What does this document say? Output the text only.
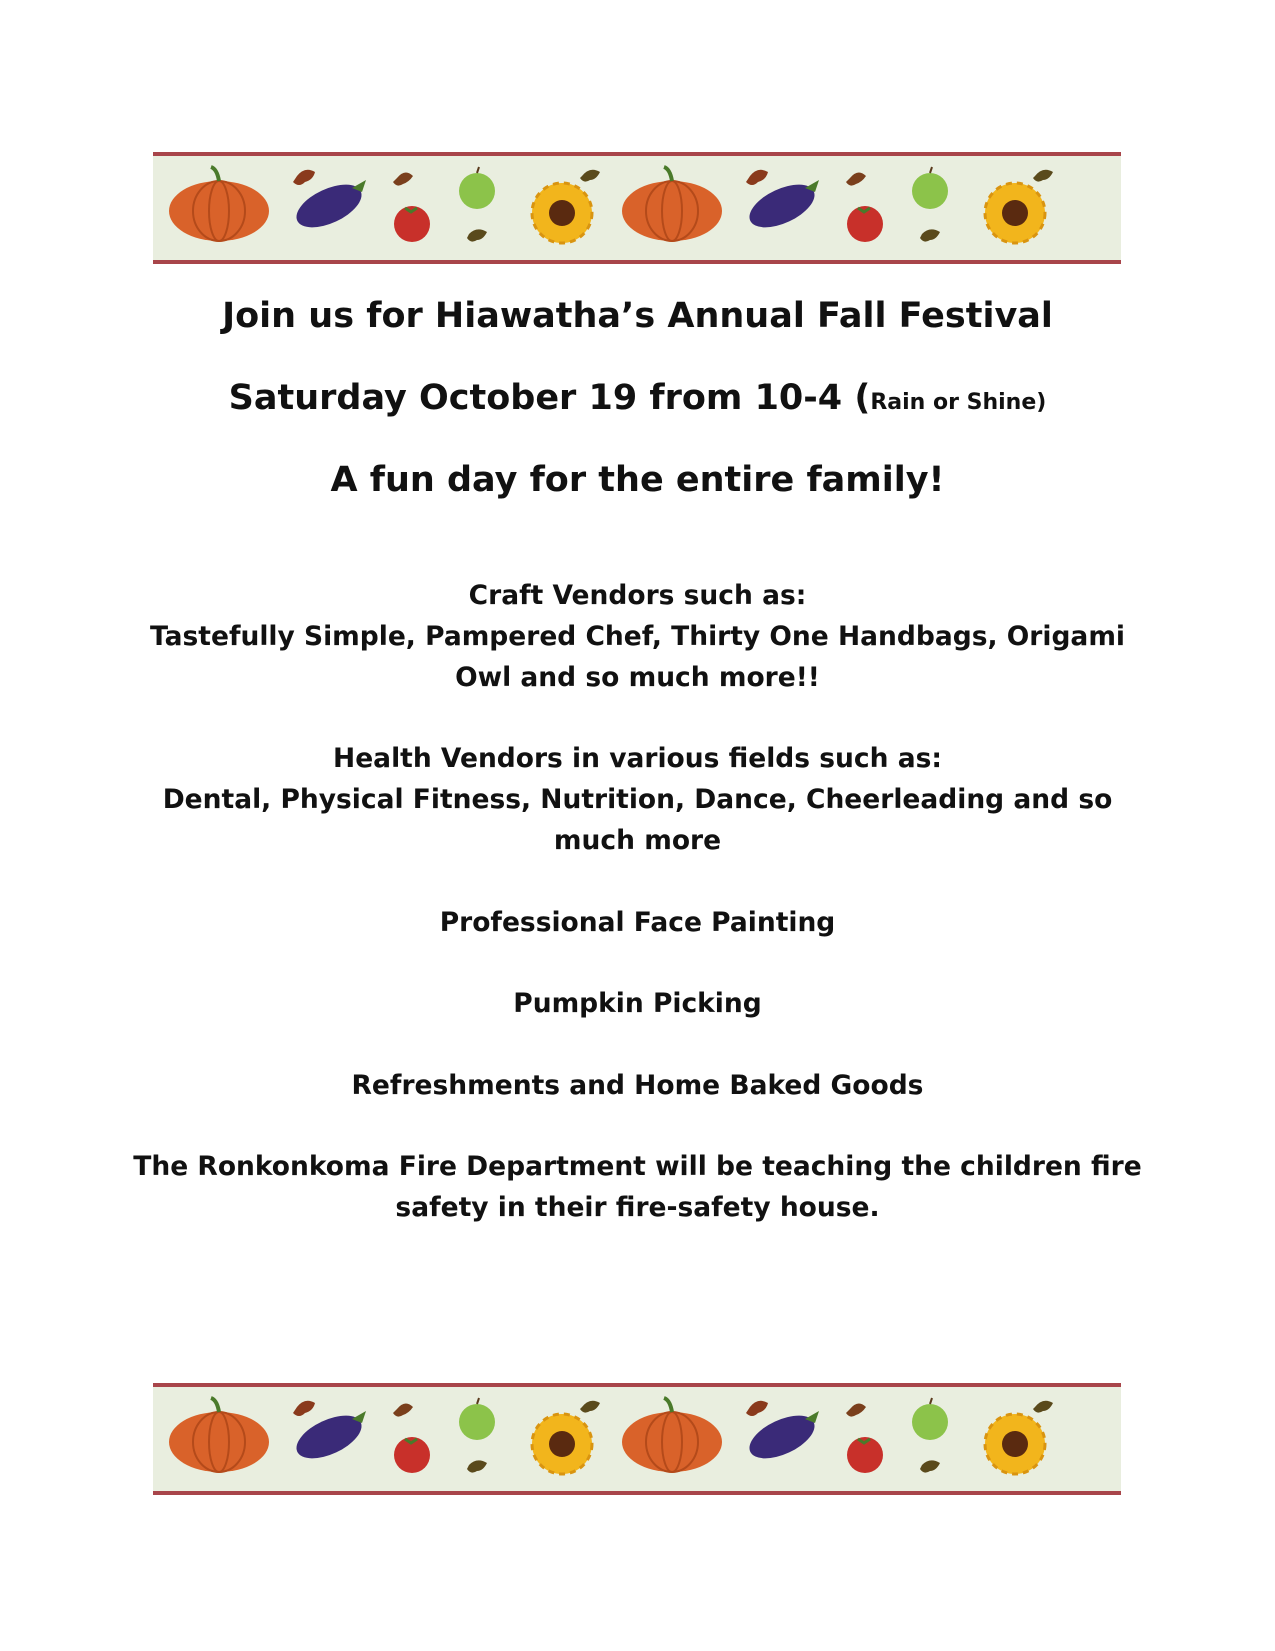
Join us for Hiawatha’s Annual Fall Festival
Saturday October 19 from 10-4 (Rain or Shine)
A fun day for the entire family!
Craft Vendors such as:
Tastefully Simple, Pampered Chef, Thirty One Handbags, Origami
Owl and so much more!!
Health Vendors in various fields such as:
Dental, Physical Fitness, Nutrition, Dance, Cheerleading and so
much more
Professional Face Painting
Pumpkin Picking
Refreshments and Home Baked Goods
The Ronkonkoma Fire Department will be teaching the children fire
safety in their fire-safety house.
